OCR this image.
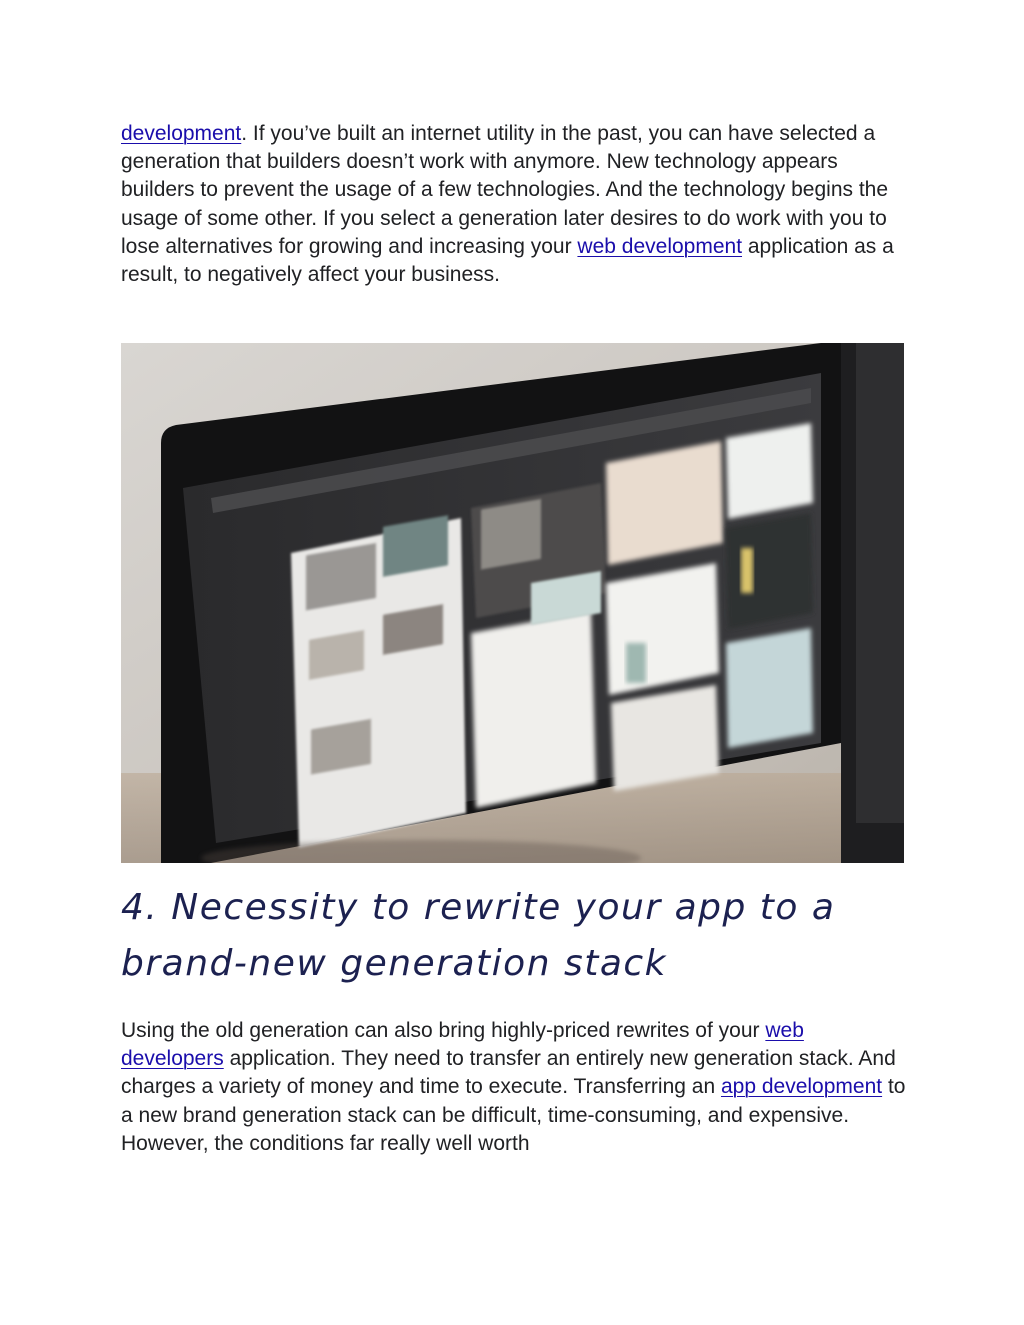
development. If you’ve built an internet utility in the past, you can have selected a generation that builders doesn’t work with anymore. New technology appears builders to prevent the usage of a few technologies. And the technology begins the usage of some other. If you select a generation later desires to do work with you to lose alternatives for growing and increasing your web development application as a result, to negatively affect your business.

4. Necessity to rewrite your app to a brand-new generation stack

Using the old generation can also bring highly-priced rewrites of your web developers application. They need to transfer an entirely new generation stack. And charges a variety of money and time to execute. Transferring an app development to a new brand generation stack can be difficult, time-consuming, and expensive. However, the conditions far really well worth
